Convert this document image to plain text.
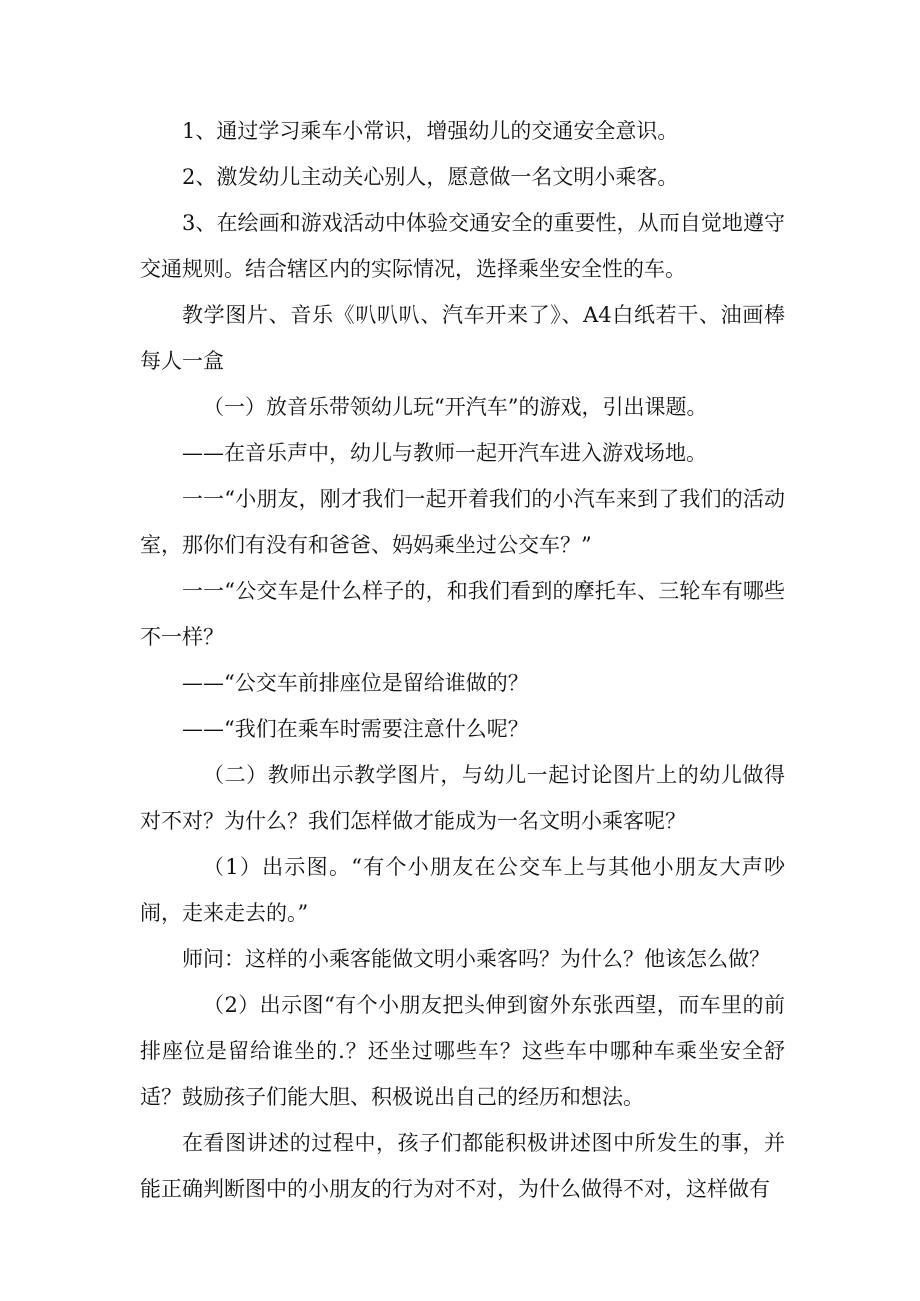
1、通过学习乘车小常识，增强幼儿的交通安全意识。

2、激发幼儿主动关心别人，愿意做一名文明小乘客。

3、在绘画和游戏活动中体验交通安全的重要性，从而自觉地遵守交通规则。结合辖区内的实际情况，选择乘坐安全性的车。

教学图片、音乐《叭叭叭、汽车开来了》、A4白纸若干、油画棒每人一盒

（一）放音乐带领幼儿玩“开汽车”的游戏，引出课题。

——在音乐声中，幼儿与教师一起开汽车进入游戏场地。

一一“小朋友，刚才我们一起开着我们的小汽车来到了我们的活动室，那你们有没有和爸爸、妈妈乘坐过公交车？”

一一“公交车是什么样子的，和我们看到的摩托车、三轮车有哪些不一样？

——“公交车前排座位是留给谁做的？

——“我们在乘车时需要注意什么呢？

（二）教师出示教学图片，与幼儿一起讨论图片上的幼儿做得对不对？为什么？我们怎样做才能成为一名文明小乘客呢？

（1）出示图。“有个小朋友在公交车上与其他小朋友大声吵闹，走来走去的。”

师问：这样的小乘客能做文明小乘客吗？为什么？他该怎么做？

（2）出示图“有个小朋友把头伸到窗外东张西望，而车里的前排座位是留给谁坐的.？还坐过哪些车？这些车中哪种车乘坐安全舒适？鼓励孩子们能大胆、积极说出自己的经历和想法。

在看图讲述的过程中，孩子们都能积极讲述图中所发生的事，并能正确判断图中的小朋友的行为对不对，为什么做得不对，这样做有
